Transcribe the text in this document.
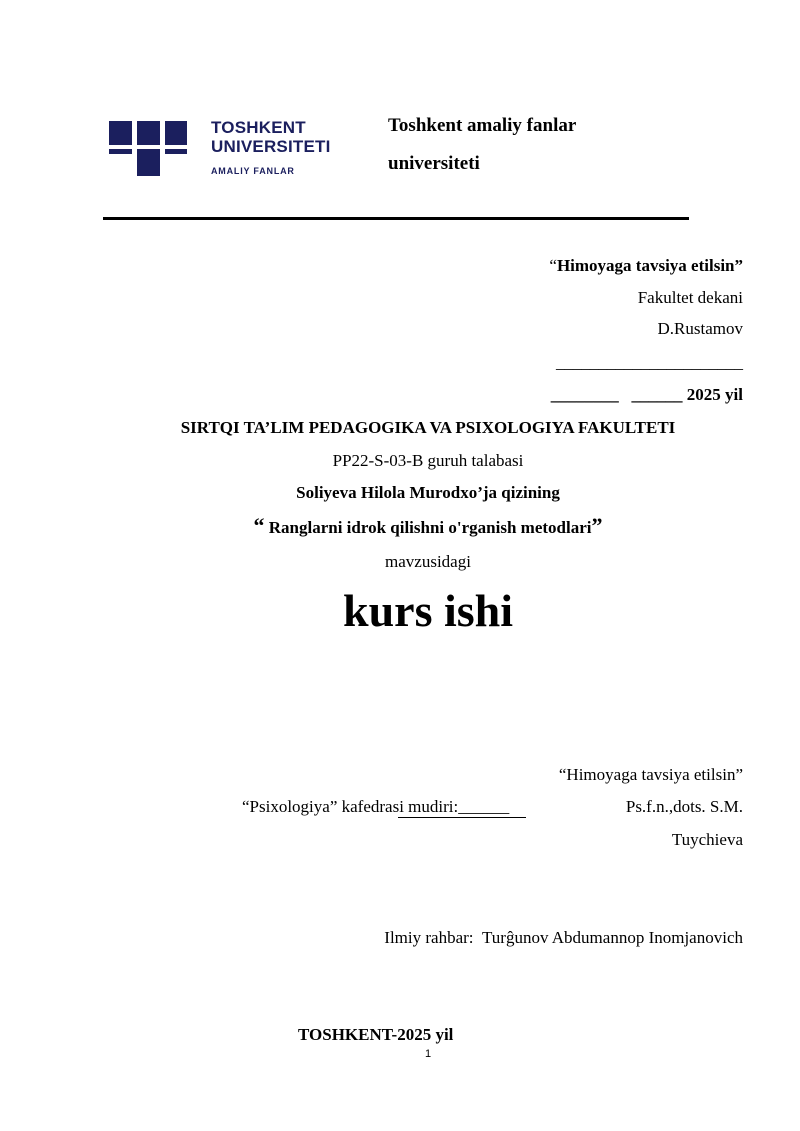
TOSHKENT
UNIVERSITETI
AMALIY FANLAR
Toshkent amaliy fanlar
universiteti
“Himoyaga tavsiya etilsin”
Fakultet dekani
D.Rustamov
______________________
________ ______ 2025 yil
SIRTQI TA’LIM PEDAGOGIKA VA PSIXOLOGIYA FAKULTETI
PP22-S-03-B guruh talabasi
Soliyeva Hilola Murodxo’ja qizining
“ Ranglarni idrok qilishni o'rganish metodlari”
mavzusidagi
kurs ishi
“Himoyaga tavsiya etilsin”
“Psixologiya” kafedrasi mudiri:______	Ps.f.n.,dots. S.M.
Tuychieva
Ilmiy rahbar: Turĝunov Abdumannop Inomjanovich
TOSHKENT-2025 yil
1
